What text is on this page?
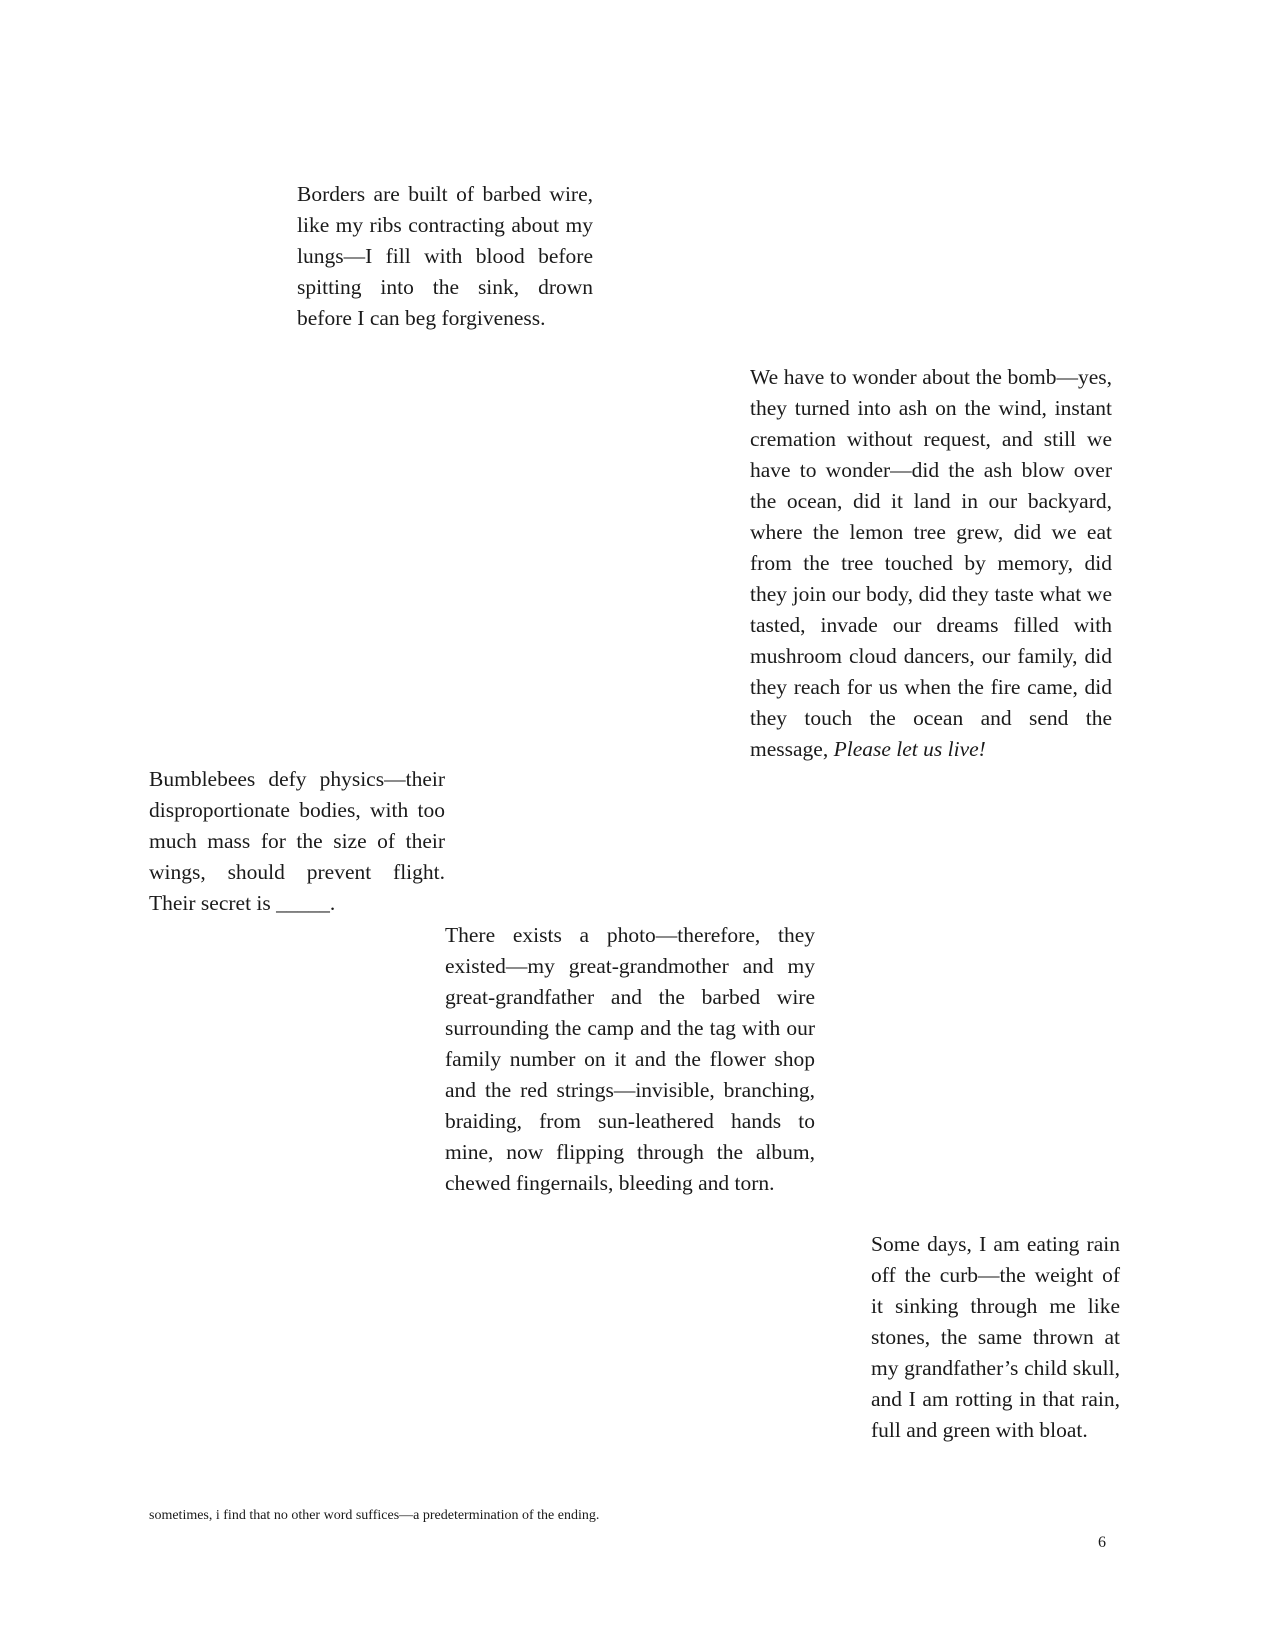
Borders are built of barbed wire, like my ribs contracting about my lungs—I fill with blood before spitting into the sink, drown before I can beg forgiveness.

We have to wonder about the bomb—yes, they turned into ash on the wind, instant cremation without request, and still we have to wonder—did the ash blow over the ocean, did it land in our backyard, where the lemon tree grew, did we eat from the tree touched by memory, did they join our body, did they taste what we tasted, invade our dreams filled with mushroom cloud dancers, our family, did they reach for us when the fire came, did they touch the ocean and send the message, Please let us live!

Bumblebees defy physics—their disproportionate bodies, with too much mass for the size of their wings, should prevent flight. Their secret is _____.

There exists a photo—therefore, they existed—my great-grandmother and my great-grandfather and the barbed wire surrounding the camp and the tag with our family number on it and the flower shop and the red strings—invisible, branching, braiding, from sun-leathered hands to mine, now flipping through the album, chewed fingernails, bleeding and torn.

Some days, I am eating rain off the curb—the weight of it sinking through me like stones, the same thrown at my grandfather’s child skull, and I am rotting in that rain, full and green with bloat.

sometimes, i find that no other word suffices—a predetermination of the ending.
6
